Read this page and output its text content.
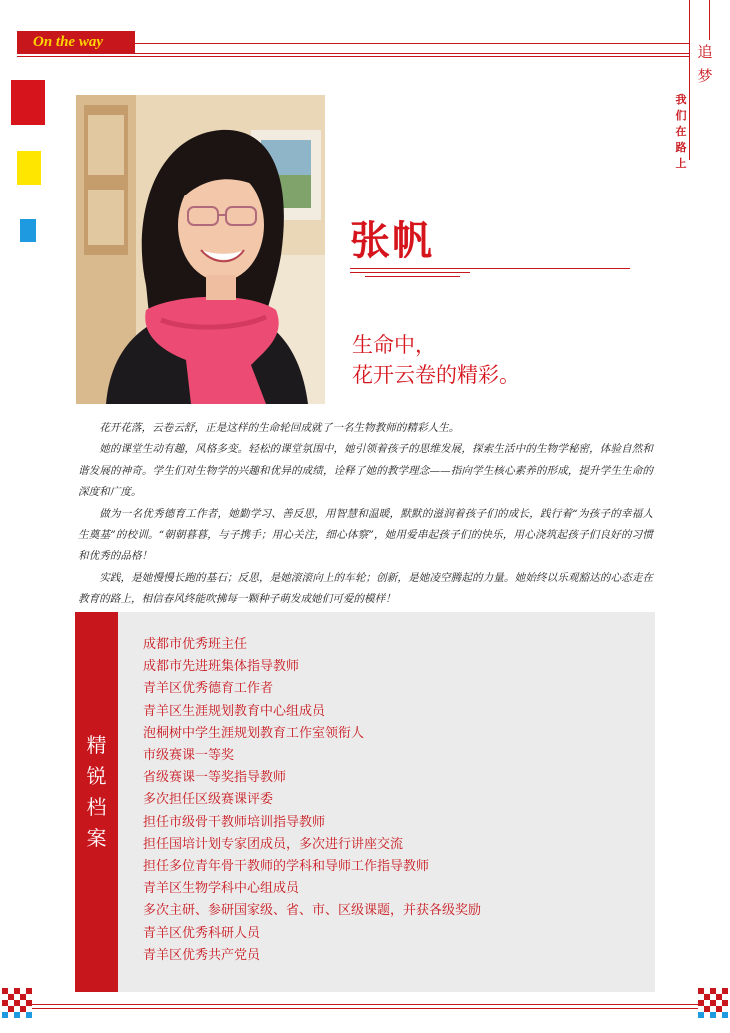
On the way
追
梦
我
们
在
路
上
张帆
生命中，
花开云卷的精彩。

花开花落，云卷云舒，正是这样的生命轮回成就了一名生物教师的精彩人生。

她的课堂生动有趣，风格多变。轻松的课堂氛围中，她引领着孩子的思维发展，探索生活中的生物学秘密，体验自然和谐发展的神奇。学生们对生物学的兴趣和优异的成绩，诠释了她的教学理念——指向学生核心素养的形成，提升学生生命的深度和广度。

做为一名优秀德育工作者，她勤学习、善反思，用智慧和温暖，默默的滋润着孩子们的成长，践行着“为孩子的幸福人生奠基”的校训。“朝朝暮暮，与子携手；用心关注，细心体察”，她用爱串起孩子们的快乐，用心浇筑起孩子们良好的习惯和优秀的品格！

实践，是她慢慢长跑的基石；反思，是她滚滚向上的车轮；创新，是她凌空腾起的力量。她始终以乐观豁达的心态走在教育的路上，相信春风终能吹拂每一颗种子萌发成她们可爱的模样！

精
锐
档
案
成都市优秀班主任
成都市先进班集体指导教师
青羊区优秀德育工作者
青羊区生涯规划教育中心组成员
泡桐树中学生涯规划教育工作室领衔人
市级赛课一等奖
省级赛课一等奖指导教师
多次担任区级赛课评委
担任市级骨干教师培训指导教师
担任国培计划专家团成员，多次进行讲座交流
担任多位青年骨干教师的学科和导师工作指导教师
青羊区生物学科中心组成员
多次主研、参研国家级、省、市、区级课题，并获各级奖励
青羊区优秀科研人员
青羊区优秀共产党员
